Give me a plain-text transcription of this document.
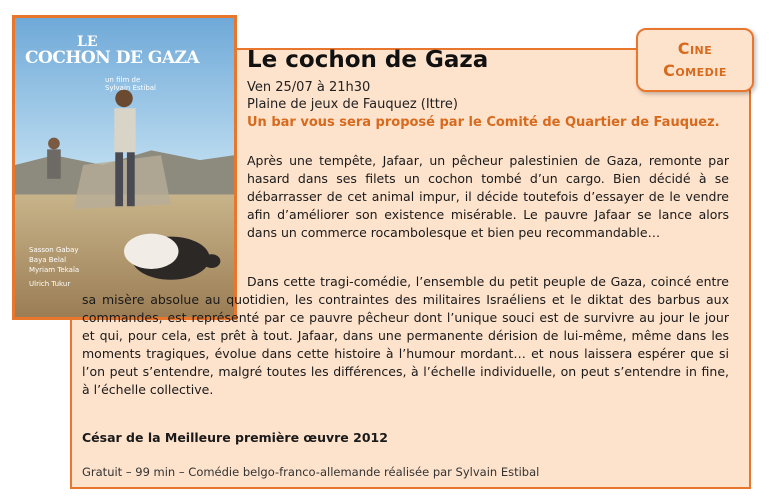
LE
COCHON DE GAZA
un film de
Sylvain Estibal
Sasson Gabay
Baya Belal
Myriam Tekaïa
Ulrich Tukur
Cine
Comedie
Le cochon de Gaza
Ven 25/07 à 21h30
Plaine de jeux de Fauquez (Ittre)
Un bar vous sera proposé par le Comité de Quartier de Fauquez.

Après une tempête, Jafaar, un pêcheur palestinien de Gaza, remonte par hasard dans ses filets un cochon tombé d’un cargo. Bien décidé à se débarrasser de cet animal impur, il décide toutefois d’essayer de le vendre afin d’améliorer son existence misérable. Le pauvre Jafaar se lance alors dans un commerce rocambolesque et bien peu recommandable…

Dans cette tragi-comédie, l’ensemble du petit peuple de Gaza, coincé entre sa misère absolue au quotidien, les contraintes des militaires Israéliens et le diktat des barbus aux commandes, est représenté par ce pauvre pêcheur dont l’unique souci est de survivre au jour le jour et qui, pour cela, est prêt à tout. Jafaar, dans une permanente dérision de lui-même, même dans les moments tragiques, évolue dans cette histoire à l’humour mordant… et nous laissera espérer que si l’on peut s’entendre, malgré toutes les différences, à l’échelle individuelle, on peut s’entendre in fine, à l’échelle collective.

César de la Meilleure première œuvre 2012
Gratuit – 99 min – Comédie belgo-franco-allemande réalisée par Sylvain Estibal
